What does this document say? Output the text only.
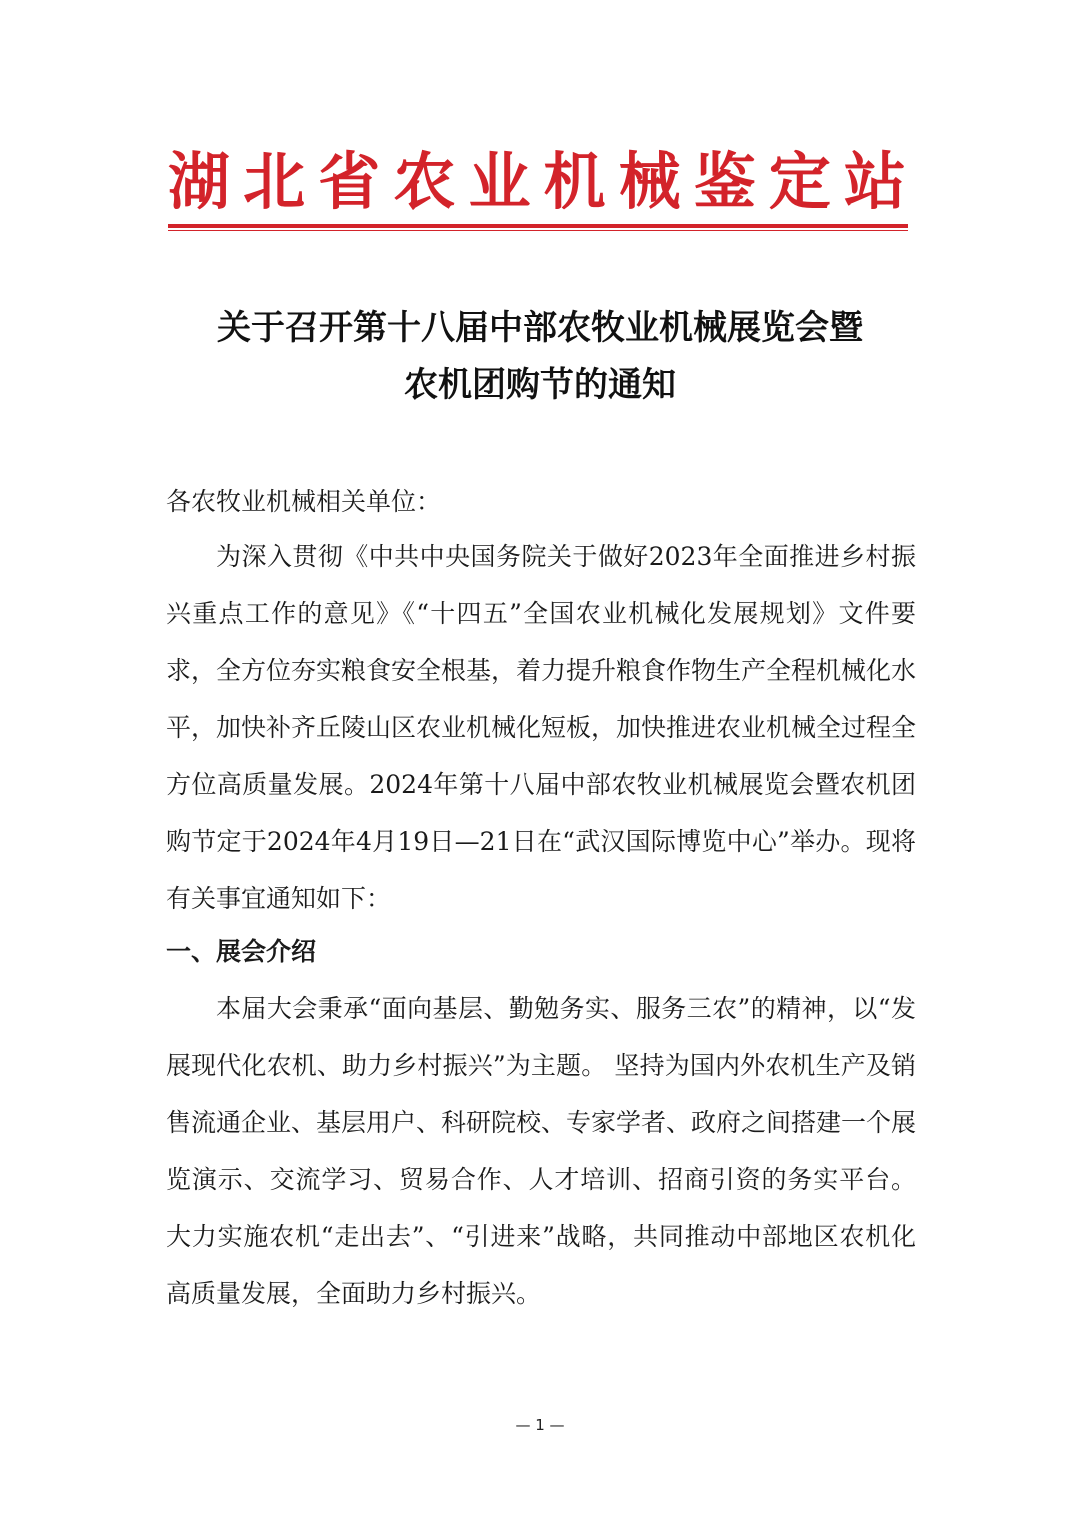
湖北省农业机械鉴定站
关于召开第十八届中部农牧业机械展览会暨
农机团购节的通知
各农牧业机械相关单位：
为深入贯彻《中共中央国务院关于做好2023年全面推进乡村振兴重点工作的意见》《“十四五”全国农业机械化发展规划》文件要求，全方位夯实粮食安全根基，着力提升粮食作物生产全程机械化水平，加快补齐丘陵山区农业机械化短板，加快推进农业机械全过程全方位高质量发展。2024年第十八届中部农牧业机械展览会暨农机团购节定于2024年4月19日—21日在“武汉国际博览中心”举办。现将有关事宜通知如下：
一、展会介绍
本届大会秉承“面向基层、勤勉务实、服务三农”的精神，以“发展现代化农机、助力乡村振兴”为主题。 坚持为国内外农机生产及销售流通企业、基层用户、科研院校、专家学者、政府之间搭建一个展览演示、交流学习、贸易合作、人才培训、招商引资的务实平台。 大力实施农机“走出去”、“引进来”战略，共同推动中部地区农机化高质量发展，全面助力乡村振兴。
— 1 —
